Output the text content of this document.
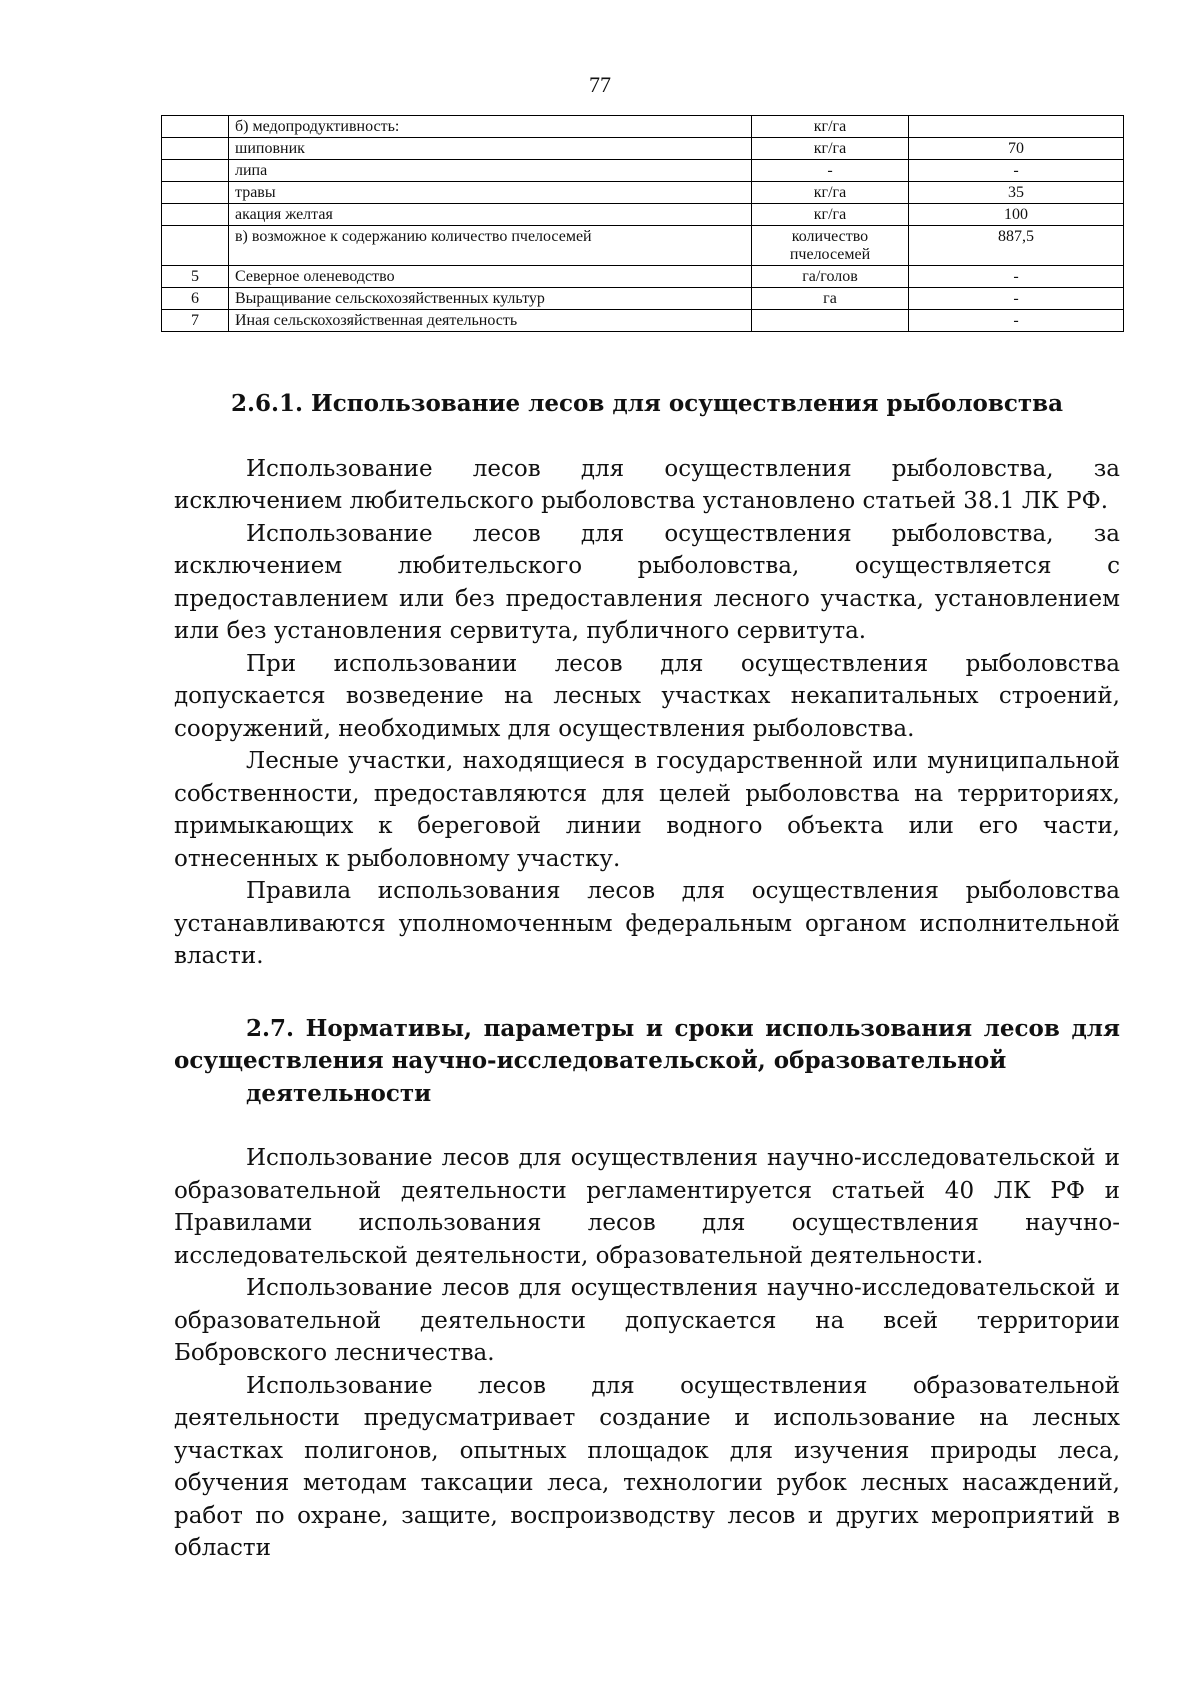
77
	б) медопродуктивность:	кг/га	
	шиповник	кг/га	70
	липа	-	-
	травы	кг/га	35
	акация желтая	кг/га	100
	в) возможное к содержанию количество пчелосемей	количество пчелосемей	887,5
5	Северное оленеводство	га/голов	-
6	Выращивание сельскохозяйственных культур	га	-
7	Иная сельскохозяйственная деятельность		-
2.6.1. Использование лесов для осуществления рыболовства

Использование лесов для осуществления рыболовства, за исключением любительского рыболовства установлено статьей 38.1 ЛК РФ.

Использование лесов для осуществления рыболовства, за исключением любительского рыболовства, осуществляется с предоставлением или без предоставления лесного участка, установлением или без установления сервитута, публичного сервитута.

При использовании лесов для осуществления рыболовства допускается возведение на лесных участках некапитальных строений, сооружений, необходимых для осуществления рыболовства.

Лесные участки, находящиеся в государственной или муниципальной собственности, предоставляются для целей рыболовства на территориях, примыкающих к береговой линии водного объекта или его части, отнесенных к рыболовному участку.

Правила использования лесов для осуществления рыболовства устанавливаются уполномоченным федеральным органом исполнительной власти.

2.7. Нормативы, параметры и сроки использования лесов для осуществления научно-исследовательской, образовательной
деятельности

Использование лесов для осуществления научно-исследовательской и образовательной деятельности регламентируется статьей 40 ЛК РФ и Правилами использования лесов для осуществления научно-исследовательской деятельности, образовательной деятельности.

Использование лесов для осуществления научно-исследовательской и образовательной деятельности допускается на всей территории Бобровского лесничества.

Использование лесов для осуществления образовательной деятельности предусматривает создание и использование на лесных участках полигонов, опытных площадок для изучения природы леса, обучения методам таксации леса, технологии рубок лесных насаждений, работ по охране, защите, воспроизводству лесов и других мероприятий в области
